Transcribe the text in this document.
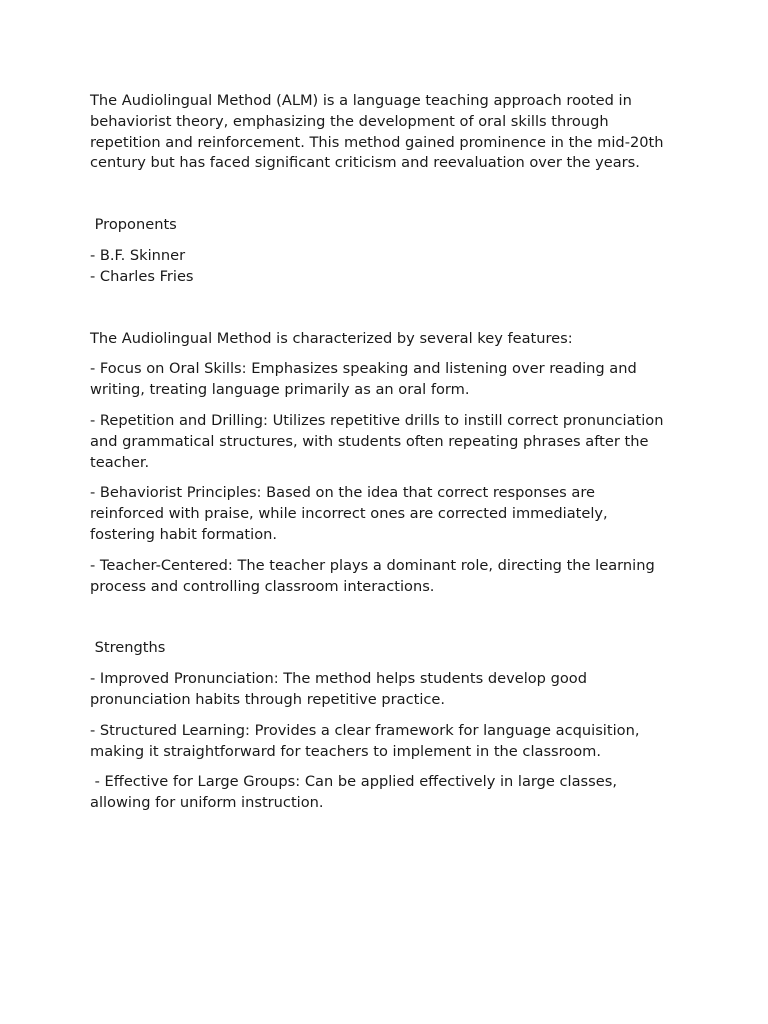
The Audiolingual Method (ALM) is a language teaching approach rooted in behaviorist theory, emphasizing the development of oral skills through repetition and reinforcement. This method gained prominence in the mid-20th century but has faced significant criticism and reevaluation over the years.

Proponents

- B.F. Skinner

- Charles Fries

The Audiolingual Method is characterized by several key features:

- Focus on Oral Skills: Emphasizes speaking and listening over reading and writing, treating language primarily as an oral form.

- Repetition and Drilling: Utilizes repetitive drills to instill correct pronunciation and grammatical structures, with students often repeating phrases after the teacher.

- Behaviorist Principles: Based on the idea that correct responses are reinforced with praise, while incorrect ones are corrected immediately, fostering habit formation.

- Teacher-Centered: The teacher plays a dominant role, directing the learning process and controlling classroom interactions.

Strengths

- Improved Pronunciation: The method helps students develop good pronunciation habits through repetitive practice.

- Structured Learning: Provides a clear framework for language acquisition, making it straightforward for teachers to implement in the classroom.

- Effective for Large Groups: Can be applied effectively in large classes, allowing for uniform instruction.
